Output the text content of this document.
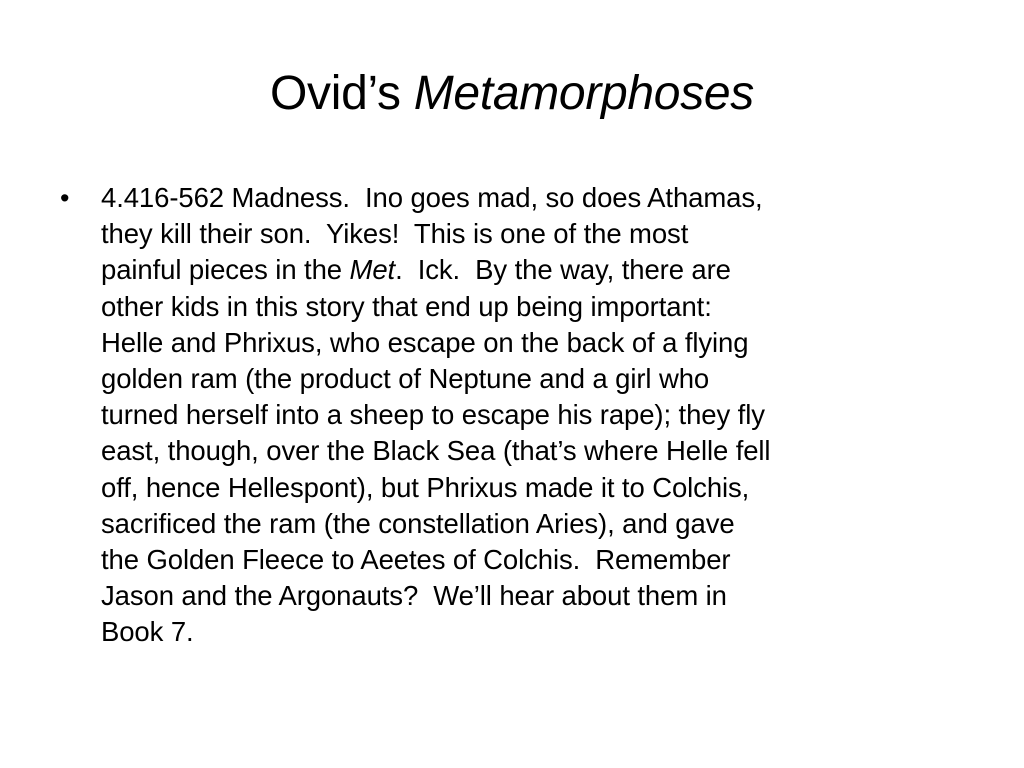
Ovid’s Metamorphoses
• 4.416-562 Madness.  Ino goes mad, so does Athamas,
they kill their son.  Yikes!  This is one of the most
painful pieces in the Met.  Ick.  By the way, there are
other kids in this story that end up being important:
Helle and Phrixus, who escape on the back of a flying
golden ram (the product of Neptune and a girl who
turned herself into a sheep to escape his rape); they fly
east, though, over the Black Sea (that’s where Helle fell
off, hence Hellespont), but Phrixus made it to Colchis,
sacrificed the ram (the constellation Aries), and gave
the Golden Fleece to Aeetes of Colchis.  Remember
Jason and the Argonauts?  We’ll hear about them in
Book 7.
